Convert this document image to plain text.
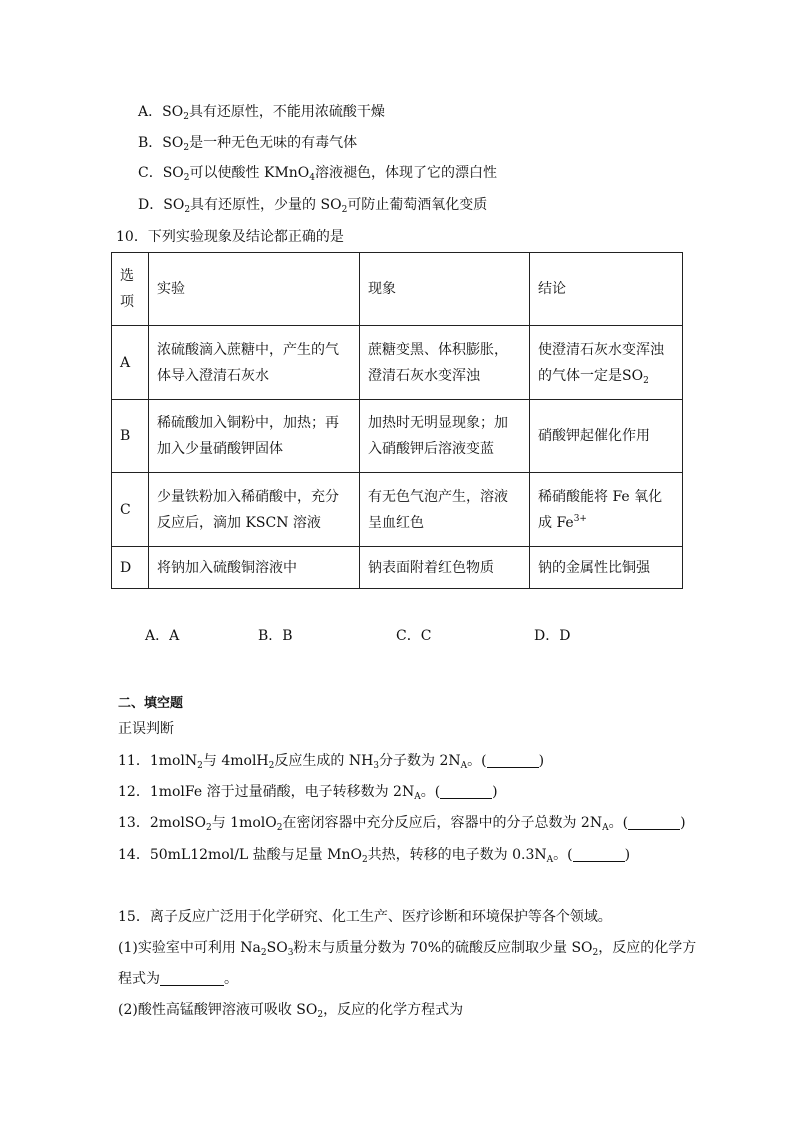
A．$SO_2$具有还原性，不能用浓硫酸干燥
B．$SO_2$是一种无色无味的有毒气体
C．$SO_2$可以使酸性 KMnO$_4$溶液褪色，体现了它的漂白性
D．$SO_2$具有还原性，少量的 $SO_2$可防止葡萄酒氧化变质
10．下列实验现象及结论都正确的是
选
项	实验	现象	结论
A	浓硫酸滴入蔗糖中，产生的气体导入澄清石灰水	蔗糖变黑、体积膨胀，澄清石灰水变浑浊	使澄清石灰水变浑浊的气体一定是$SO_2$
B	稀硫酸加入铜粉中，加热；再加入少量硝酸钾固体	加热时无明显现象；加入硝酸钾后溶液变蓝	硝酸钾起催化作用
C	少量铁粉加入稀硝酸中，充分反应后，滴加 KSCN 溶液	有无色气泡产生，溶液呈血红色	稀硝酸能将 Fe 氧化成 $Fe^{3+}$
D	将钠加入硫酸铜溶液中	钠表面附着红色物质	钠的金属性比铜强
A．A	B．B	C．C	D．D
二、填空题
正误判断
11．1molN$_2$与 4molH$_2$反应生成的 $NH_3$分子数为 $2N_A$。(	)
12．1molFe 溶于过量硝酸，电子转移数为 $2N_A$。(	)
13．2molSO$_2$与 1molO$_2$在密闭容器中充分反应后，容器中的分子总数为 $2N_A$。(	)
14．50mL12mol/L 盐酸与足量 MnO$_2$共热，转移的电子数为 $0.3N_A$。(	)
15．离子反应广泛用于化学研究、化工生产、医疗诊断和环境保护等各个领域。
(1)实验室中可利用 $Na_2SO_3$粉末与质量分数为 70%的硫酸反应制取少量 $SO_2$，反应的化学方
程式为	。
(2)酸性高锰酸钾溶液可吸收 $SO_2$，反应的化学方程式为
